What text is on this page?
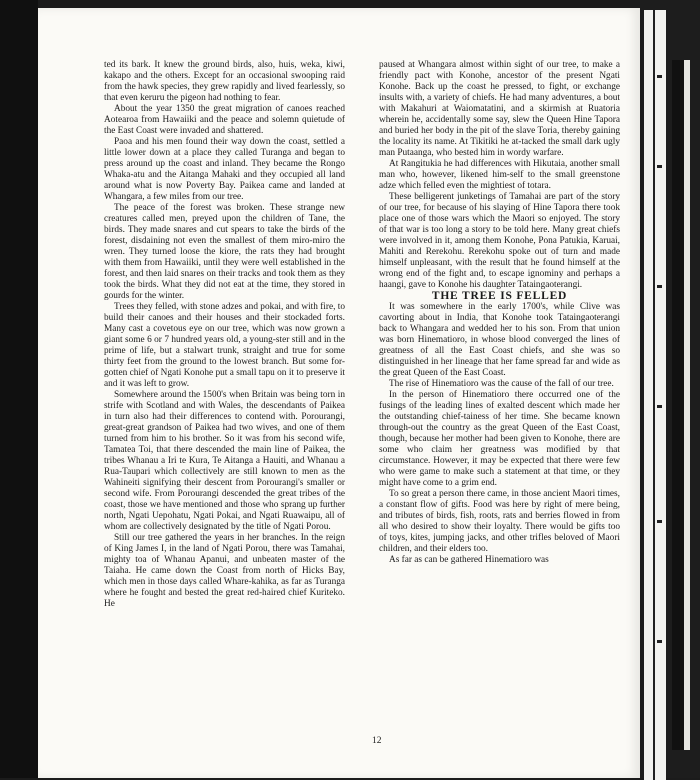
ted its bark. It knew the ground birds, also, huis, weka, kiwi, kakapo and the others. Except for an occasional swooping raid from the hawk species, they grew rapidly and lived fearlessly, so that even keruru the pigeon had nothing to fear.

About the year 1350 the great migration of canoes reached Aotearoa from Hawaiiki and the peace and solemn quietude of the East Coast were invaded and shattered.

Paoa and his men found their way down the coast, settled a little lower down at a place they called Turanga and began to press around up the coast and inland. They became the Rongo Whaka-atu and the Aitanga Mahaki and they occupied all land around what is now Poverty Bay. Paikea came and landed at Whangara, a few miles from our tree.

The peace of the forest was broken. These strange new creatures called men, preyed upon the children of Tane, the birds. They made snares and cut spears to take the birds of the forest, disdaining not even the smallest of them miro-miro the wren. They turned loose the kiore, the rats they had brought with them from Hawaiiki, until they were well established in the forest, and then laid snares on their tracks and took them as they took the birds. What they did not eat at the time, they stored in gourds for the winter.

Trees they felled, with stone adzes and pokai, and with fire, to build their canoes and their houses and their stockaded forts. Many cast a covetous eye on our tree, which was now grown a giant some 6 or 7 hundred years old, a young-ster still and in the prime of life, but a stalwart trunk, straight and true for some thirty feet from the ground to the lowest branch. But some for-gotten chief of Ngati Konohe put a small tapu on it to preserve it and it was left to grow.

Somewhere around the 1500's when Britain was being torn in strife with Scotland and with Wales, the descendants of Paikea in turn also had their differences to contend with. Porourangi, great-great grandson of Paikea had two wives, and one of them turned from him to his brother. So it was from his second wife, Tamatea Toi, that there descended the main line of Paikea, the tribes Whanau a Iri te Kura, Te Aitanga a Hauiti, and Whanau a Rua-Taupari which collectively are still known to men as the Wahineiti signifying their descent from Porourangi's smaller or second wife. From Porourangi descended the great tribes of the coast, those we have mentioned and those who sprang up further north, Ngati Uepohatu, Ngati Pokai, and Ngati Ruawaipu, all of whom are collectively designated by the title of Ngati Porou.

Still our tree gathered the years in her branches. In the reign of King James I, in the land of Ngati Porou, there was Tamahai, mighty toa of Whanau Apanui, and unbeaten master of the Taiaha. He came down the Coast from north of Hicks Bay, which men in those days called Whare-kahika, as far as Turanga where he fought and bested the great red-haired chief Kuriteko. He

paused at Whangara almost within sight of our tree, to make a friendly pact with Konohe, ancestor of the present Ngati Konohe. Back up the coast he pressed, to fight, or exchange insults with, a variety of chiefs. He had many adventures, a bout with Makahuri at Waiomatatini, and a skirmish at Ruatoria wherein he, accidentally some say, slew the Queen Hine Tapora and buried her body in the pit of the slave Toria, thereby gaining the locality its name. At Tikitiki he at-tacked the small dark ugly man Putaanga, who bested him in wordy warfare.

At Rangitukia he had differences with Hikutaia, another small man who, however, likened him-self to the small greenstone adze which felled even the mightiest of totara.

These belligerent junketings of Tamahai are part of the story of our tree, for because of his slaying of Hine Tapora there took place one of those wars which the Maori so enjoyed. The story of that war is too long a story to be told here. Many great chiefs were involved in it, among them Konohe, Pona Patukia, Karuai, Mahiti and Rerekohu. Rerekohu spoke out of turn and made himself unpleasant, with the result that he found himself at the wrong end of the fight and, to escape ignominy and perhaps a haangi, gave to Konohe his daughter Tataingaoterangi.

THE TREE IS FELLED

It was somewhere in the early 1700's, while Clive was cavorting about in India, that Konohe took Tataingaoterangi back to Whangara and wedded her to his son. From that union was born Hinematioro, in whose blood converged the lines of greatness of all the East Coast chiefs, and she was so distinguished in her lineage that her fame spread far and wide as the great Queen of the East Coast.

The rise of Hinematioro was the cause of the fall of our tree.

In the person of Hinematioro there occurred one of the fusings of the leading lines of exalted descent which made her the outstanding chief-tainess of her time. She became known through-out the country as the great Queen of the East Coast, though, because her mother had been given to Konohe, there are some who claim her greatness was modified by that circumstance. However, it may be expected that there were few who were game to make such a statement at that time, or they might have come to a grim end.

To so great a person there came, in those ancient Maori times, a constant flow of gifts. Food was here by right of mere being, and tributes of birds, fish, roots, rats and berries flowed in from all who desired to show their loyalty. There would be gifts too of toys, kites, jumping jacks, and other trifles beloved of Maori children, and their elders too.

As far as can be gathered Hinematioro was

12
